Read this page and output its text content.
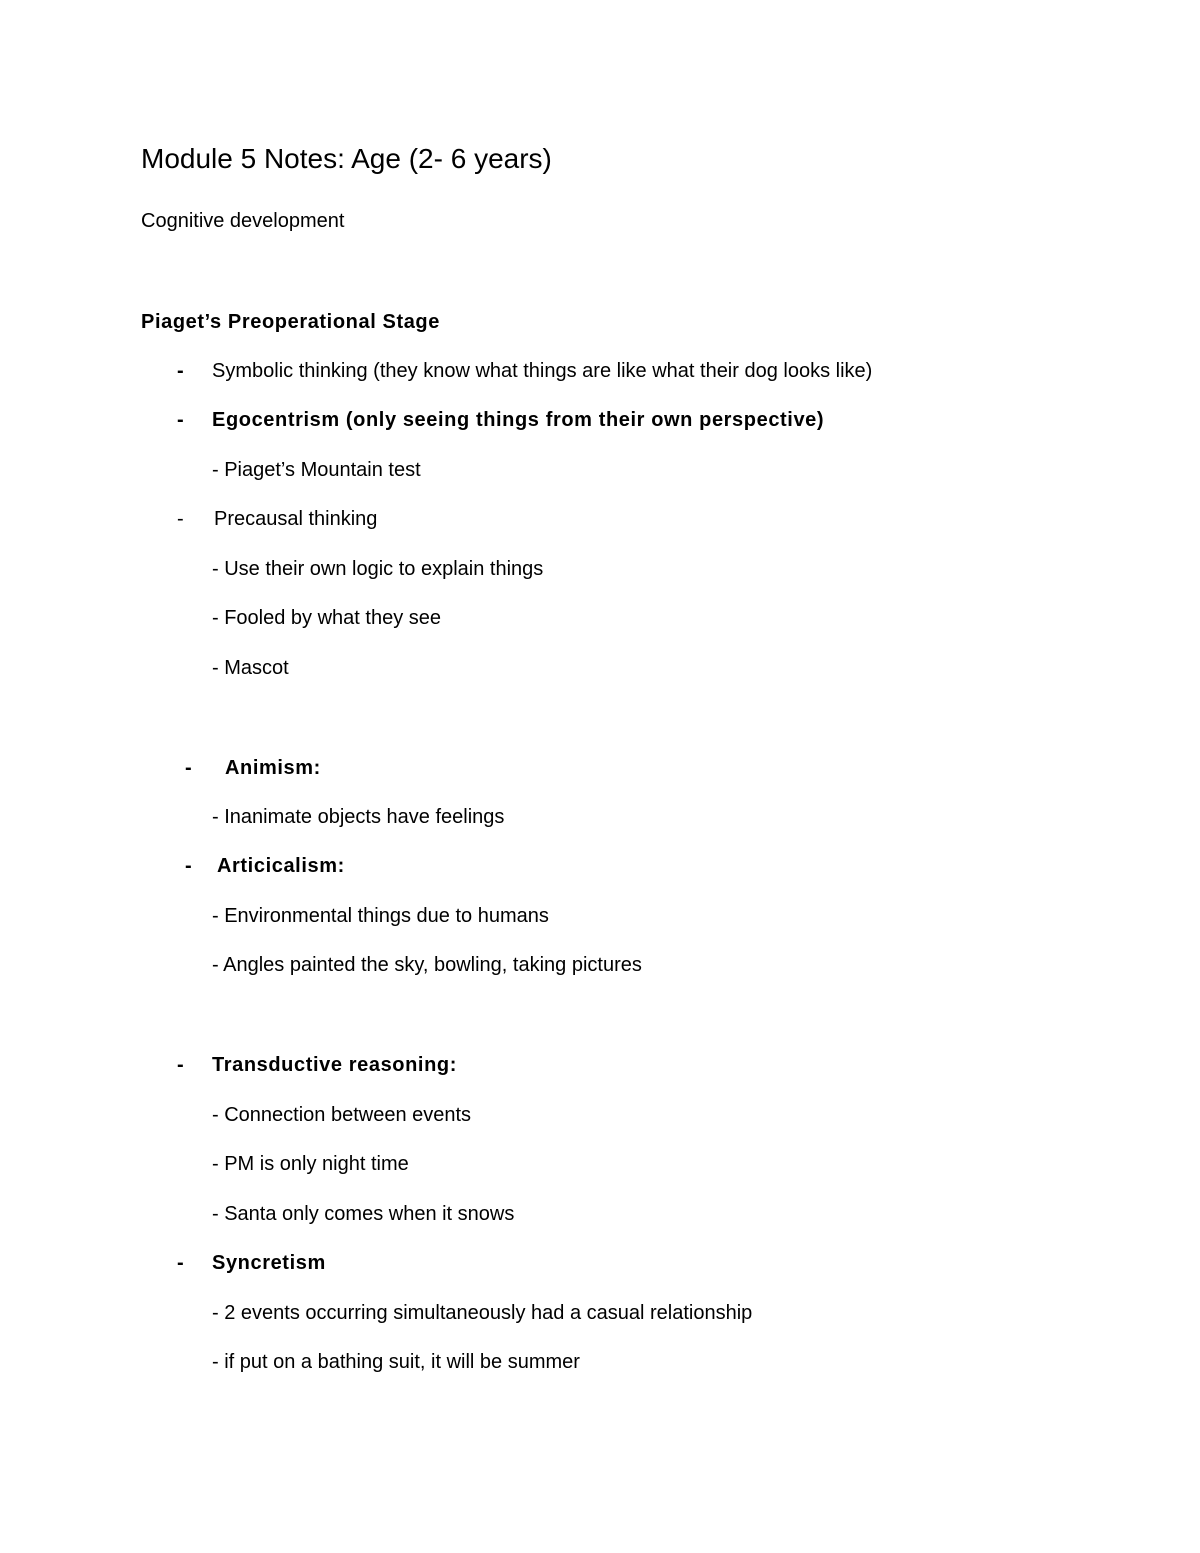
Module 5 Notes: Age (2- 6 years)
Cognitive development
Piaget’s Preoperational Stage
- Symbolic thinking (they know what things are like what their dog looks like)
- Egocentrism (only seeing things from their own perspective)
- Piaget’s Mountain test
- Precausal thinking
- Use their own logic to explain things
- Fooled by what they see
- Mascot
- Animism:
- Inanimate objects have feelings
- Articicalism:
- Environmental things due to humans
- Angles painted the sky, bowling, taking pictures
- Transductive reasoning:
- Connection between events
- PM is only night time
- Santa only comes when it snows
- Syncretism
- 2 events occurring simultaneously had a casual relationship
- if put on a bathing suit, it will be summer
